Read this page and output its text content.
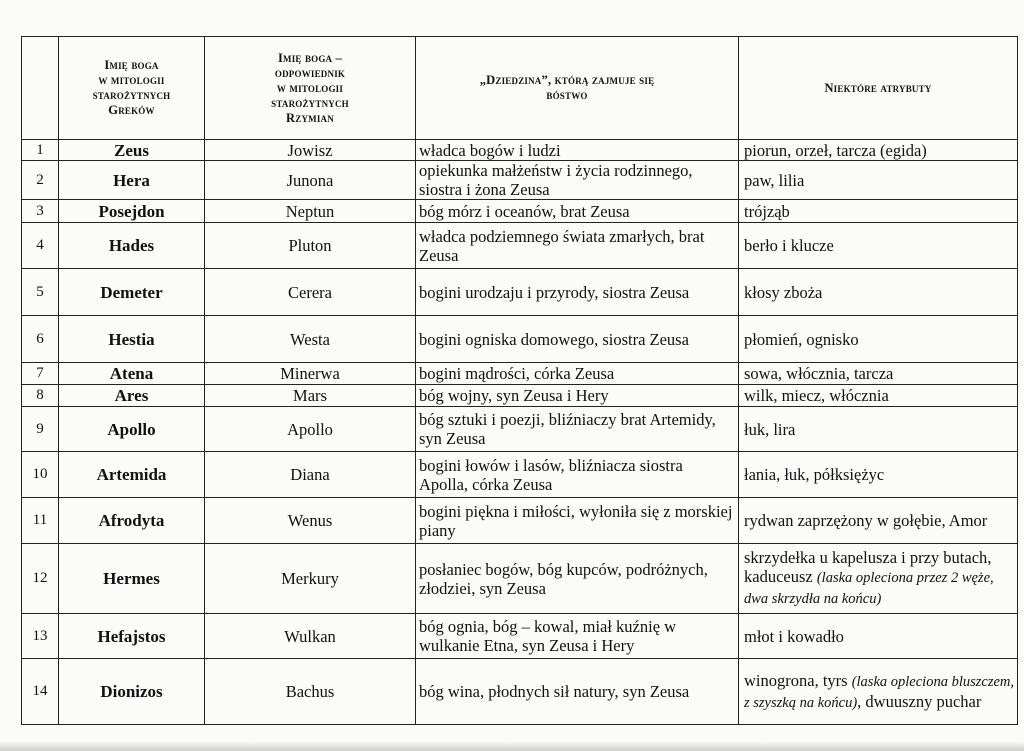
	Imię boga
w mitologii
starożytnych
Greków	Imię boga –
odpowiednik
w mitologii
starożytnych
Rzymian	„Dziedzina”, którą zajmuje się
bóstwo	Niektóre atrybuty
1	Zeus	Jowisz	władca bogów i ludzi	piorun, orzeł, tarcza (egida)
2	Hera	Junona	opiekunka małżeństw i życia rodzinnego, siostra i żona Zeusa	paw, lilia
3	Posejdon	Neptun	bóg mórz i oceanów, brat Zeusa	trójząb
4	Hades	Pluton	władca podziemnego świata zmarłych, brat Zeusa	berło i klucze
5	Demeter	Cerera	bogini urodzaju i przyrody, siostra Zeusa	kłosy zboża
6	Hestia	Westa	bogini ogniska domowego, siostra Zeusa	płomień, ognisko
7	Atena	Minerwa	bogini mądrości, córka Zeusa	sowa, włócznia, tarcza
8	Ares	Mars	bóg wojny, syn Zeusa i Hery	wilk, miecz, włócznia
9	Apollo	Apollo	bóg sztuki i poezji, bliźniaczy brat Artemidy, syn Zeusa	łuk, lira
10	Artemida	Diana	bogini łowów i lasów, bliźniacza siostra Apolla, córka Zeusa	łania, łuk, półksiężyc
11	Afrodyta	Wenus	bogini piękna i miłości, wyłoniła się z morskiej piany	rydwan zaprzężony w gołębie, Amor
12	Hermes	Merkury	posłaniec bogów, bóg kupców, podróżnych, złodziei, syn Zeusa	skrzydełka u kapelusza i przy butach, kaduceusz (laska opleciona przez 2 węże, dwa skrzydła na końcu)
13	Hefajstos	Wulkan	bóg ognia, bóg – kowal, miał kuźnię w wulkanie Etna, syn Zeusa i Hery	młot i kowadło
14	Dionizos	Bachus	bóg wina, płodnych sił natury, syn Zeusa	winogrona, tyrs (laska opleciona bluszczem, z szyszką na końcu), dwuuszny puchar
